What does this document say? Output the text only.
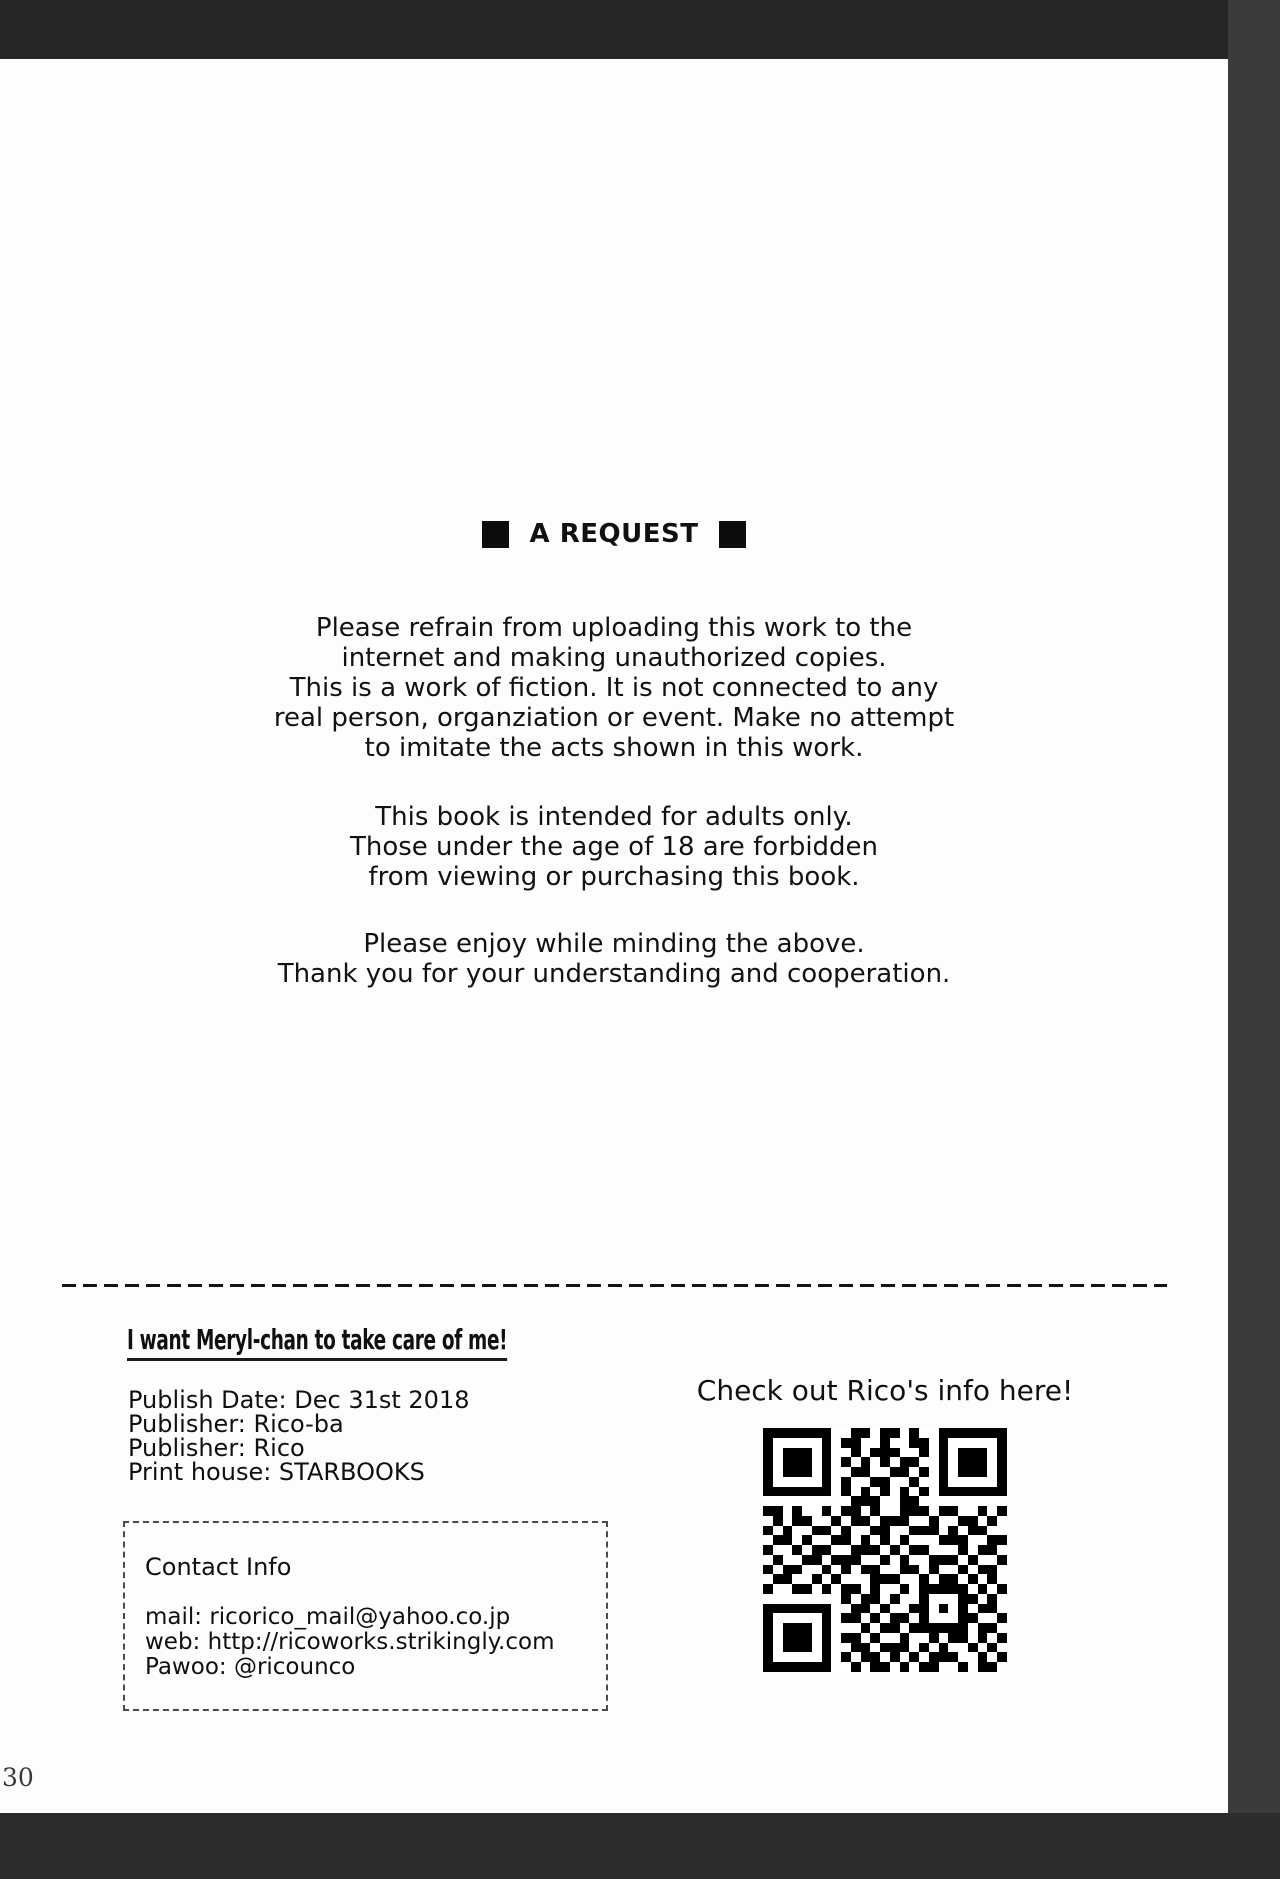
A REQUEST
Please refrain from uploading this work to the
internet and making unauthorized copies.
This is a work of fiction. It is not connected to any
real person, organziation or event. Make no attempt
to imitate the acts shown in this work.
This book is intended for adults only.
Those under the age of 18 are forbidden
from viewing or purchasing this book.
Please enjoy while minding the above.
Thank you for your understanding and cooperation.
I want Meryl-chan to take care of me!
Publish Date: Dec 31st 2018
Publisher: Rico-ba
Publisher: Rico
Print house: STARBOOKS
Contact Info
mail: ricorico_mail@yahoo.co.jp
web: http://ricoworks.strikingly.com
Pawoo: @ricounco
Check out Rico's info here!
30
